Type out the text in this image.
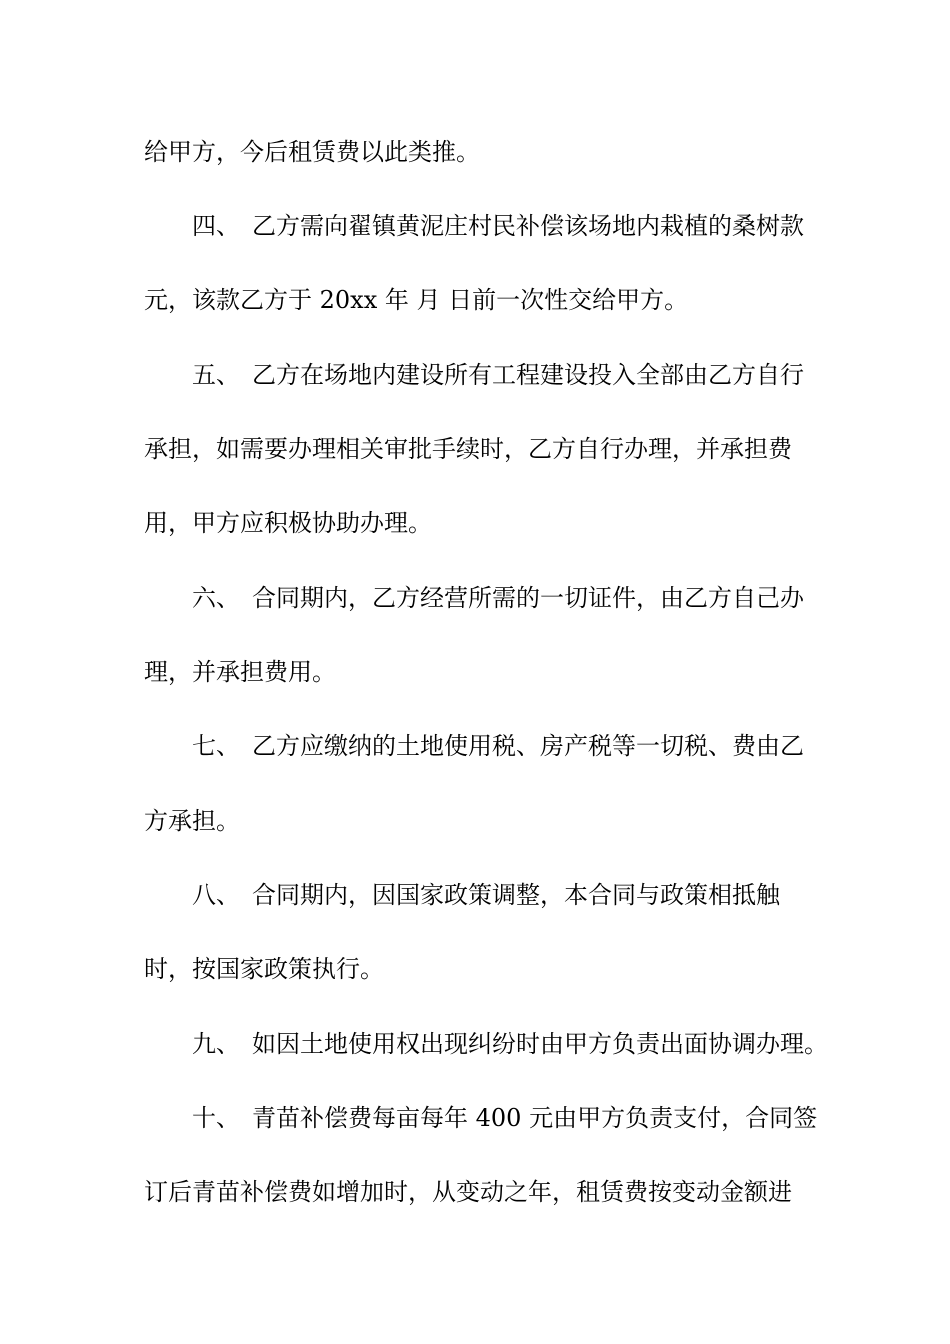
给甲方，今后租赁费以此类推。
四、 乙方需向翟镇黄泥庄村民补偿该场地内栽植的桑树款
元，该款乙方于 20xx 年 月 日前一次性交给甲方。
五、 乙方在场地内建设所有工程建设投入全部由乙方自行
承担，如需要办理相关审批手续时，乙方自行办理，并承担费
用，甲方应积极协助办理。
六、 合同期内，乙方经营所需的一切证件，由乙方自己办
理，并承担费用。
七、 乙方应缴纳的土地使用税、房产税等一切税、费由乙
方承担。
八、 合同期内，因国家政策调整，本合同与政策相抵触
时，按国家政策执行。
九、 如因土地使用权出现纠纷时由甲方负责出面协调办理。
十、 青苗补偿费每亩每年 400 元由甲方负责支付，合同签
订后青苗补偿费如增加时，从变动之年，租赁费按变动金额进
